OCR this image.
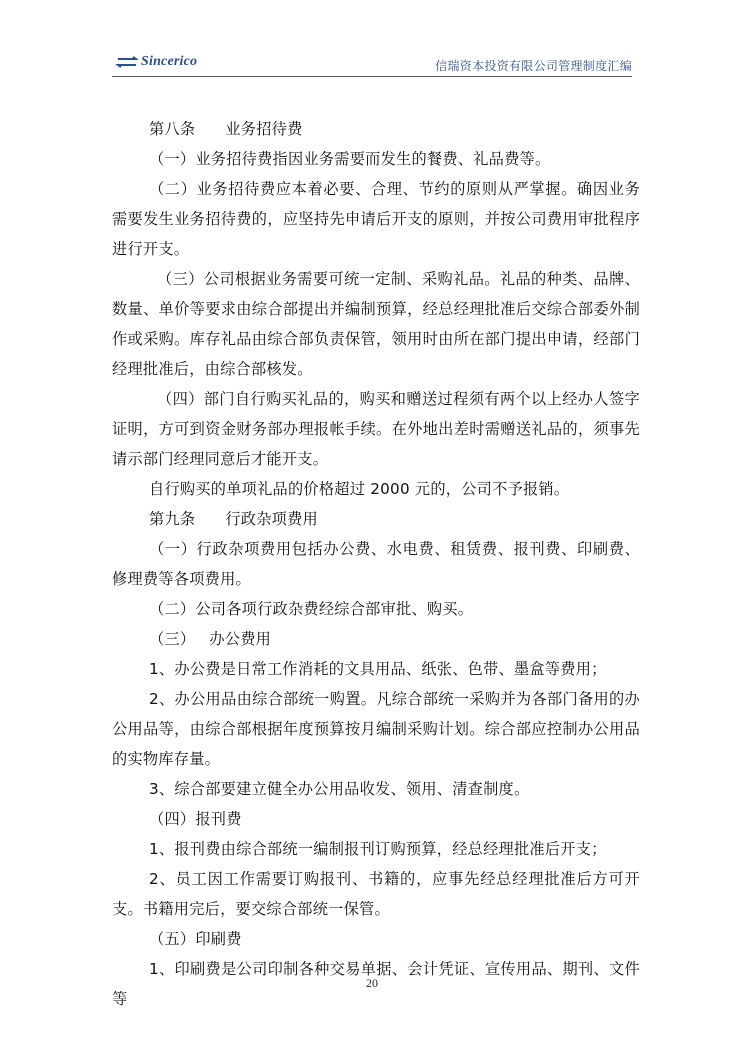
Sincerico	信瑞资本投资有限公司管理制度汇编

第八条 业务招待费

（一）业务招待费指因业务需要而发生的餐费、礼品费等。

（二）业务招待费应本着必要、合理、节约的原则从严掌握。确因业务需要发生业务招待费的，应坚持先申请后开支的原则，并按公司费用审批程序进行开支。

（三）公司根据业务需要可统一定制、采购礼品。礼品的种类、品牌、数量、单价等要求由综合部提出并编制预算，经总经理批准后交综合部委外制作或采购。库存礼品由综合部负责保管，领用时由所在部门提出申请，经部门经理批准后，由综合部核发。

（四）部门自行购买礼品的，购买和赠送过程须有两个以上经办人签字证明，方可到资金财务部办理报帐手续。在外地出差时需赠送礼品的，须事先请示部门经理同意后才能开支。

自行购买的单项礼品的价格超过 2000 元的，公司不予报销。

第九条 行政杂项费用

（一）行政杂项费用包括办公费、水电费、租赁费、报刊费、印刷费、修理费等各项费用。

（二）公司各项行政杂费经综合部审批、购买。

（三） 办公费用

1、办公费是日常工作消耗的文具用品、纸张、色带、墨盒等费用；

2、办公用品由综合部统一购置。凡综合部统一采购并为各部门备用的办公用品等，由综合部根据年度预算按月编制采购计划。综合部应控制办公用品的实物库存量。

3、综合部要建立健全办公用品收发、领用、清查制度。

（四）报刊费

1、报刊费由综合部统一编制报刊订购预算，经总经理批准后开支；

2、员工因工作需要订购报刊、书籍的，应事先经总经理批准后方可开支。书籍用完后，要交综合部统一保管。

（五）印刷费

1、印刷费是公司印制各种交易单据、会计凭证、宣传用品、期刊、文件等

20
